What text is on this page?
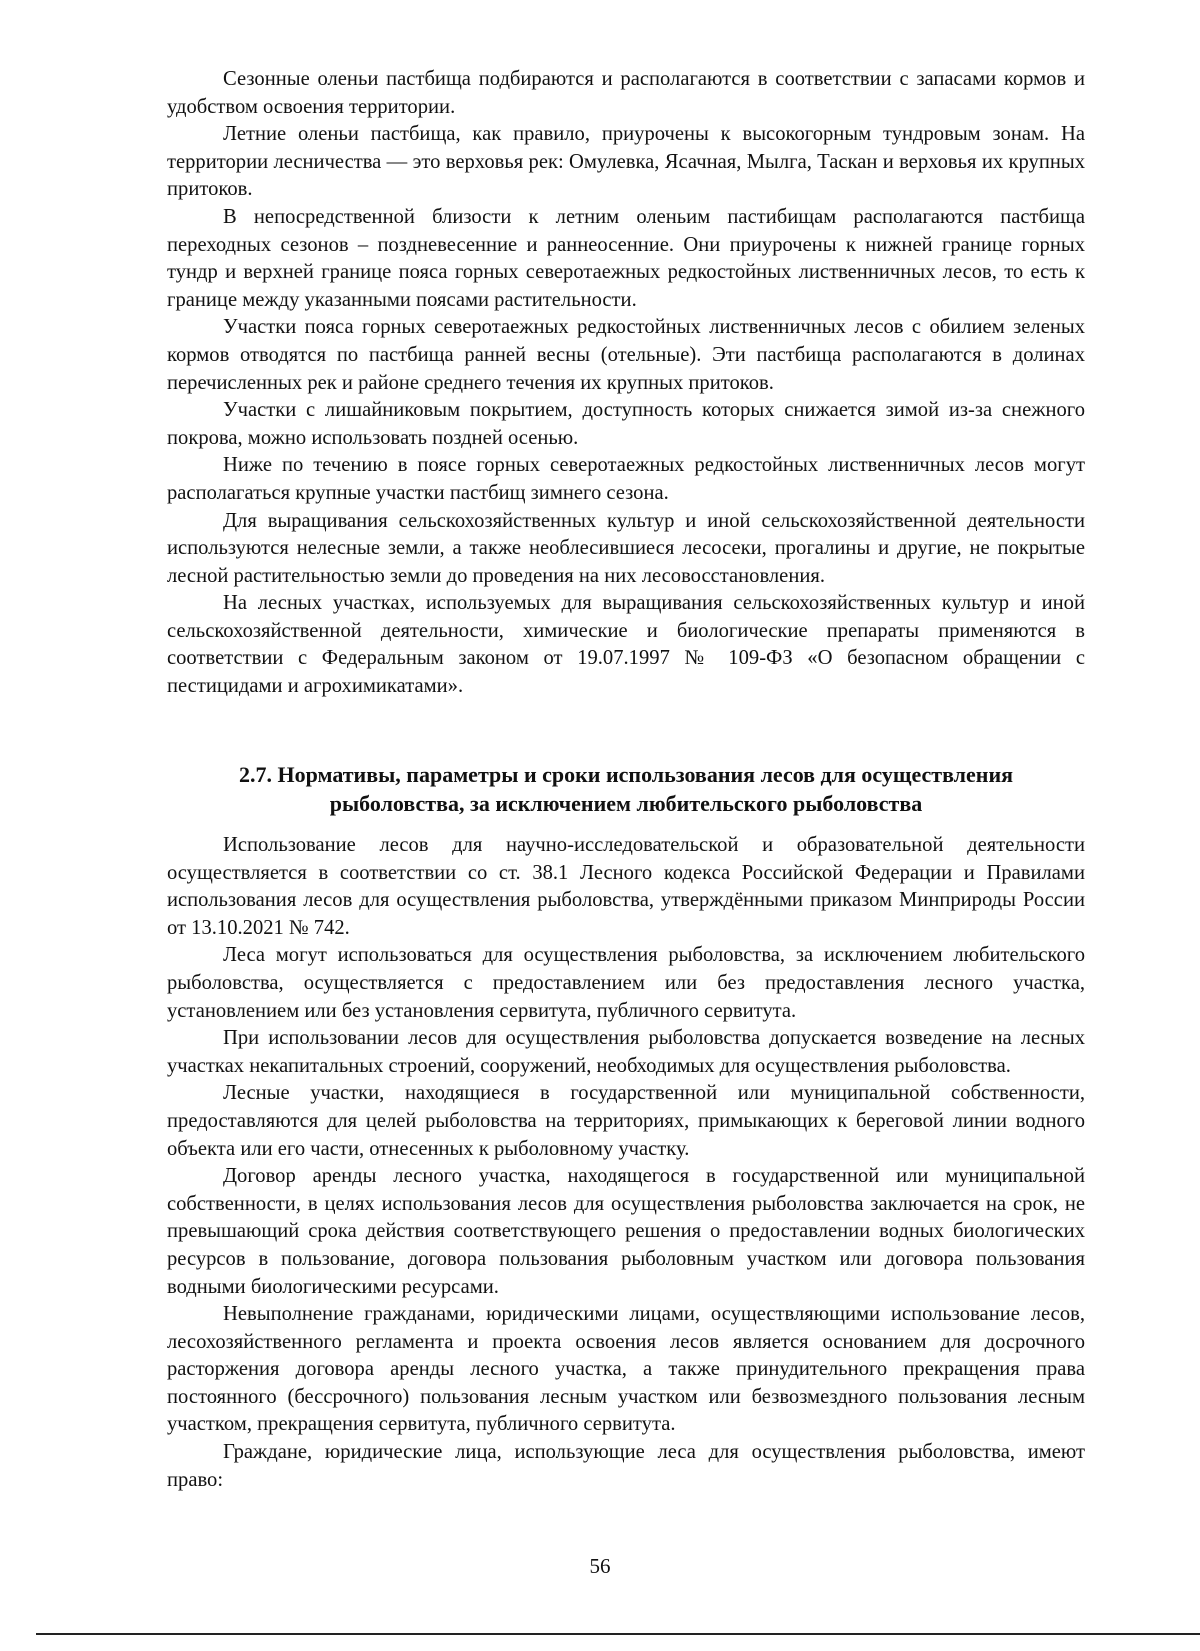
Сезонные оленьи пастбища подбираются и располагаются в соответствии с запасами кормов и удобством освоения территории.

Летние оленьи пастбища, как правило, приурочены к высокогорным тундровым зонам. На территории лесничества — это верховья рек: Омулевка, Ясачная, Мылга, Таскан и верховья их крупных притоков.

В непосредственной близости к летним оленьим пастибищам располагаются пастбища переходных сезонов – поздневесенние и раннеосенние. Они приурочены к нижней границе горных тундр и верхней границе пояса горных северотаежных редкостойных лиственничных лесов, то есть к границе между указанными поясами растительности.

Участки пояса горных северотаежных редкостойных лиственничных лесов с обилием зеленых кормов отводятся по пастбища ранней весны (отельные). Эти пастбища располагаются в долинах перечисленных рек и районе среднего течения их крупных притоков.

Участки с лишайниковым покрытием, доступность которых снижается зимой из-за снежного покрова, можно использовать поздней осенью.

Ниже по течению в поясе горных северотаежных редкостойных лиственничных лесов могут располагаться крупные участки пастбищ зимнего сезона.

Для выращивания сельскохозяйственных культур и иной сельскохозяйственной деятельности используются нелесные земли, а также необлесившиеся лесосеки, прогалины и другие, не покрытые лесной растительностью земли до проведения на них лесовосстановления.

На лесных участках, используемых для выращивания сельскохозяйственных культур и иной сельскохозяйственной деятельности, химические и биологические препараты применяются в соответствии с Федеральным законом от 19.07.1997 № 109-ФЗ «О безопасном обращении с пестицидами и агрохимикатами».

2.7. Нормативы, параметры и сроки использования лесов для осуществления
рыболовства, за исключением любительского рыболовства

Использование лесов для научно-исследовательской и образовательной деятельности осуществляется в соответствии со ст. 38.1 Лесного кодекса Российской Федерации и Правилами использования лесов для осуществления рыболовства, утверждёнными приказом Минприроды России от 13.10.2021 № 742.

Леса могут использоваться для осуществления рыболовства, за исключением любительского рыболовства, осуществляется с предоставлением или без предоставления лесного участка, установлением или без установления сервитута, публичного сервитута.

При использовании лесов для осуществления рыболовства допускается возведение на лесных участках некапитальных строений, сооружений, необходимых для осуществления рыболовства.

Лесные участки, находящиеся в государственной или муниципальной собственности, предоставляются для целей рыболовства на территориях, примыкающих к береговой линии водного объекта или его части, отнесенных к рыболовному участку.

Договор аренды лесного участка, находящегося в государственной или муниципальной собственности, в целях использования лесов для осуществления рыболовства заключается на срок, не превышающий срока действия соответствующего решения о предоставлении водных биологических ресурсов в пользование, договора пользования рыболовным участком или договора пользования водными биологическими ресурсами.

Невыполнение гражданами, юридическими лицами, осуществляющими использование лесов, лесохозяйственного регламента и проекта освоения лесов является основанием для досрочного расторжения договора аренды лесного участка, а также принудительного прекращения права постоянного (бессрочного) пользования лесным участком или безвозмездного пользования лесным участком, прекращения сервитута, публичного сервитута.

Граждане, юридические лица, использующие леса для осуществления рыболовства, имеют право:

56
